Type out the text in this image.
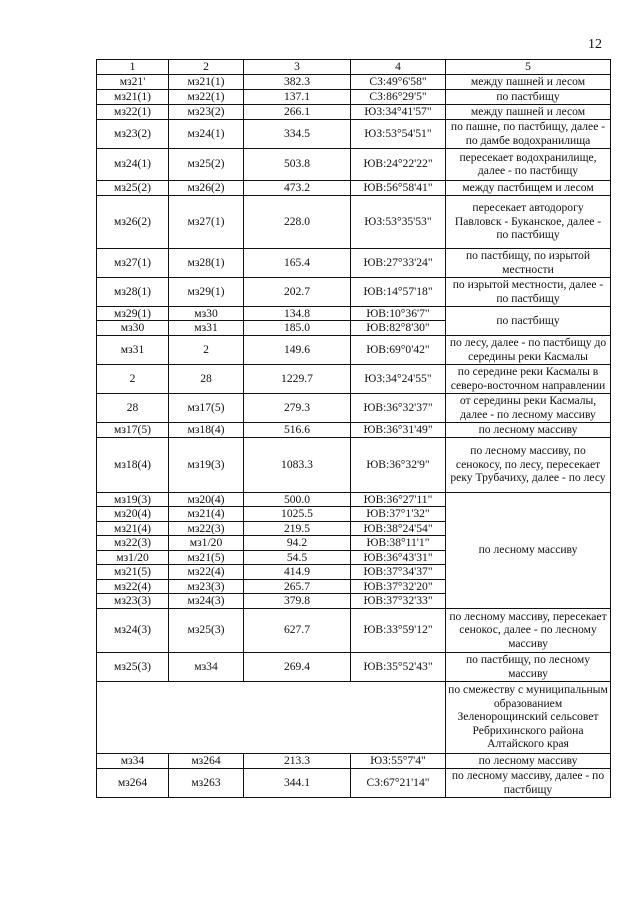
12
1	2	3	4	5
мз21'	мз21(1)	382.3	СЗ:49°6'58"	между пашней и лесом
мз21(1)	мз22(1)	137.1	СЗ:86°29'5"	по пастбищу
мз22(1)	мз23(2)	266.1	ЮЗ:34°41'57"	между пашней и лесом
мз23(2)	мз24(1)	334.5	ЮЗ:53°54'51"	по пашне, по пастбищу, далее - по дамбе водохранилища
мз24(1)	мз25(2)	503.8	ЮВ:24°22'22"	пересекает водохранилище, далее - по пастбищу
мз25(2)	мз26(2)	473.2	ЮВ:56°58'41"	между пастбищем и лесом
мз26(2)	мз27(1)	228.0	ЮЗ:53°35'53"	пересекает автодорогу Павловск - Буканское, далее - по пастбищу
мз27(1)	мз28(1)	165.4	ЮВ:27°33'24"	по пастбищу, по изрытой местности
мз28(1)	мз29(1)	202.7	ЮВ:14°57'18"	по изрытой местности, далее - по пастбищу
мз29(1)	мз30	134.8	ЮВ:10°36'7"	по пастбищу
мз30	мз31	185.0	ЮВ:82°8'30"	
мз31	2	149.6	ЮВ:69°0'42"	по лесу, далее - по пастбищу до середины реки Касмалы
2	28	1229.7	ЮЗ:34°24'55"	по середине реки Касмалы в северо-восточном направлении
28	мз17(5)	279.3	ЮВ:36°32'37"	от середины реки Касмалы, далее - по лесному массиву
мз17(5)	мз18(4)	516.6	ЮВ:36°31'49"	по лесному массиву
мз18(4)	мз19(3)	1083.3	ЮВ:36°32'9"	по лесному массиву, по сенокосу, по лесу, пересекает реку Трубачиху, далее - по лесу
мз19(3)	мз20(4)	500.0	ЮВ:36°27'11"	по лесному массиву
мз20(4)	мз21(4)	1025.5	ЮВ:37°1'32"	
мз21(4)	мз22(3)	219.5	ЮВ:38°24'54"	
мз22(3)	мз1/20	94.2	ЮВ:38°11'1"	
мз1/20	мз21(5)	54.5	ЮВ:36°43'31"	
мз21(5)	мз22(4)	414.9	ЮВ:37°34'37"	
мз22(4)	мз23(3)	265.7	ЮВ:37°32'20"	
мз23(3)	мз24(3)	379.8	ЮВ:37°32'33"	
мз24(3)	мз25(3)	627.7	ЮВ:33°59'12"	по лесному массиву, пересекает сенокос, далее - по лесному массиву
мз25(3)	мз34	269.4	ЮВ:35°52'43"	по пастбищу, по лесному массиву
				по смежеству с муниципальным образованием Зеленорощинский сельсовет Ребрихинского района Алтайского края
мз34	мз264	213.3	ЮЗ:55°7'4"	по лесному массиву
мз264	мз263	344.1	СЗ:67°21'14"	по лесному массиву, далее - по пастбищу
